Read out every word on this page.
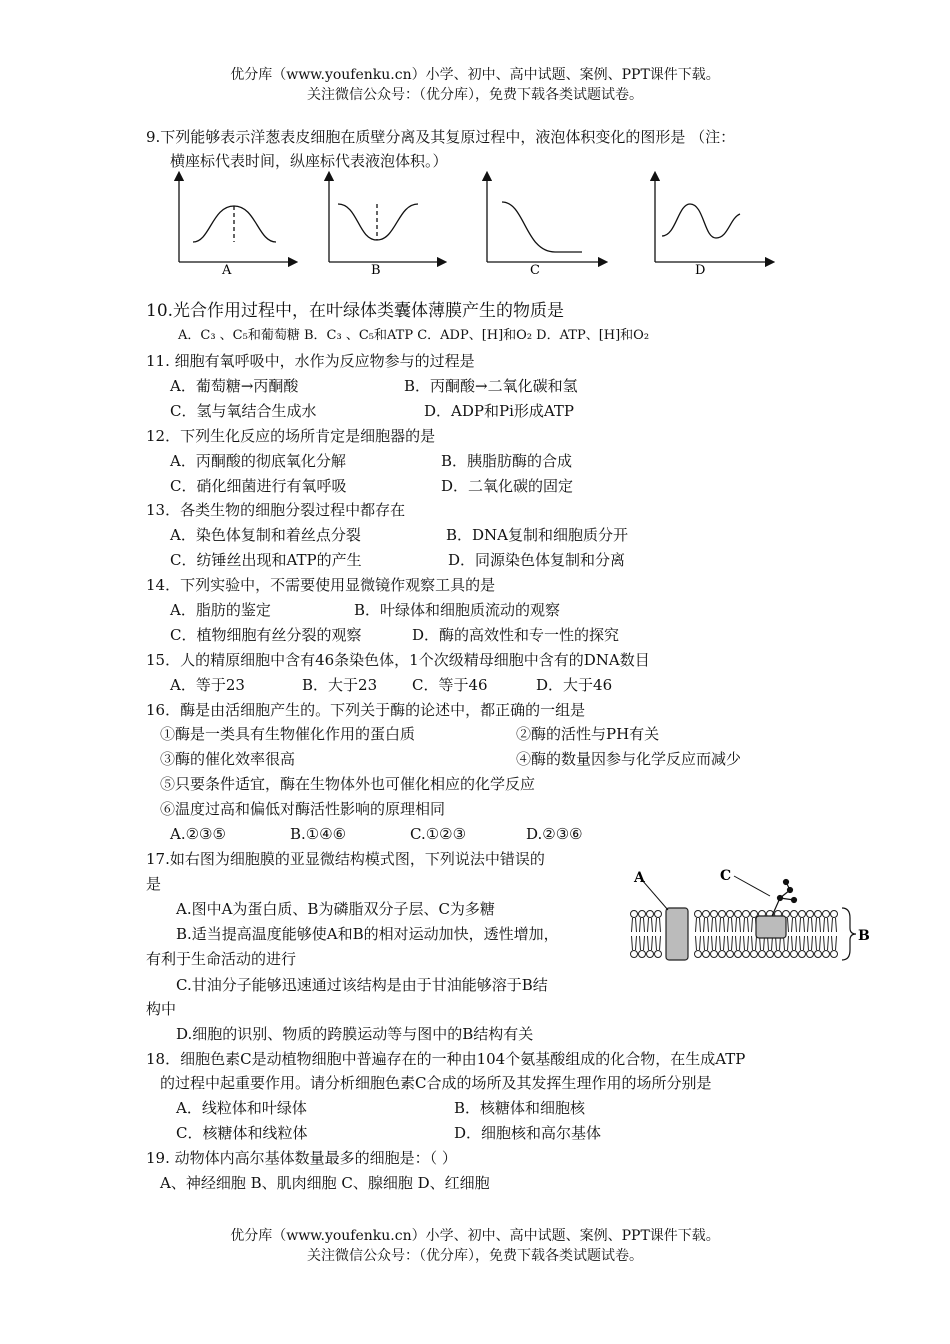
优分库（www.youfenku.cn）小学、初中、高中试题、案例、PPT课件下载。
关注微信公众号：（优分库），免费下载各类试题试卷。
9.下列能够表示洋葱表皮细胞在质壁分离及其复原过程中，液泡体积变化的图形是 （注：
横座标代表时间，纵座标代表液泡体积。）
A	B	C	D
10.光合作用过程中，在叶绿体类囊体薄膜产生的物质是
A．C₃ 、C₅和葡萄糖 B．C₃ 、C₅和ATP C．ADP、[H]和O₂ D．ATP、[H]和O₂
11. 细胞有氧呼吸中，水作为反应物参与的过程是
A．葡萄糖→丙酮酸	B．丙酮酸→二氧化碳和氢
C．氢与氧结合生成水	D．ADP和Pi形成ATP
12．下列生化反应的场所肯定是细胞器的是
A．丙酮酸的彻底氧化分解	B．胰脂肪酶的合成
C．硝化细菌进行有氧呼吸	D．二氧化碳的固定
13．各类生物的细胞分裂过程中都存在
A．染色体复制和着丝点分裂	B．DNA复制和细胞质分开
C．纺锤丝出现和ATP的产生	D．同源染色体复制和分离
14．下列实验中，不需要使用显微镜作观察工具的是
A．脂肪的鉴定	B．叶绿体和细胞质流动的观察
C．植物细胞有丝分裂的观察	D．酶的高效性和专一性的探究
15．人的精原细胞中含有46条染色体，1个次级精母细胞中含有的DNA数目
A．等于23	B．大于23 C．等于46	D．大于46
16．酶是由活细胞产生的。下列关于酶的论述中，都正确的一组是
①酶是一类具有生物催化作用的蛋白质	②酶的活性与PH有关
③酶的催化效率很高	④酶的数量因参与化学反应而减少
⑤只要条件适宜，酶在生物体外也可催化相应的化学反应
⑥温度过高和偏低对酶活性影响的原理相同
A.②③⑤	B.①④⑥	C.①②③	D.②③⑥
17.如右图为细胞膜的亚显微结构模式图，下列说法中错误的
是
A.图中A为蛋白质、B为磷脂双分子层、C为多糖
B.适当提高温度能够使A和B的相对运动加快，透性增加，
有利于生命活动的进行
C.甘油分子能够迅速通过该结构是由于甘油能够溶于B结
构中
D.细胞的识别、物质的跨膜运动等与图中的B结构有关
A	C
B
18．细胞色素C是动植物细胞中普遍存在的一种由104个氨基酸组成的化合物，在生成ATP
的过程中起重要作用。请分析细胞色素C合成的场所及其发挥生理作用的场所分别是
A．线粒体和叶绿体	B．核糖体和细胞核
C．核糖体和线粒体	D．细胞核和高尔基体
19. 动物体内高尔基体数量最多的细胞是：（ ）
A、神经细胞 B、肌肉细胞 C、腺细胞 D、红细胞
优分库（www.youfenku.cn）小学、初中、高中试题、案例、PPT课件下载。
关注微信公众号：（优分库），免费下载各类试题试卷。
